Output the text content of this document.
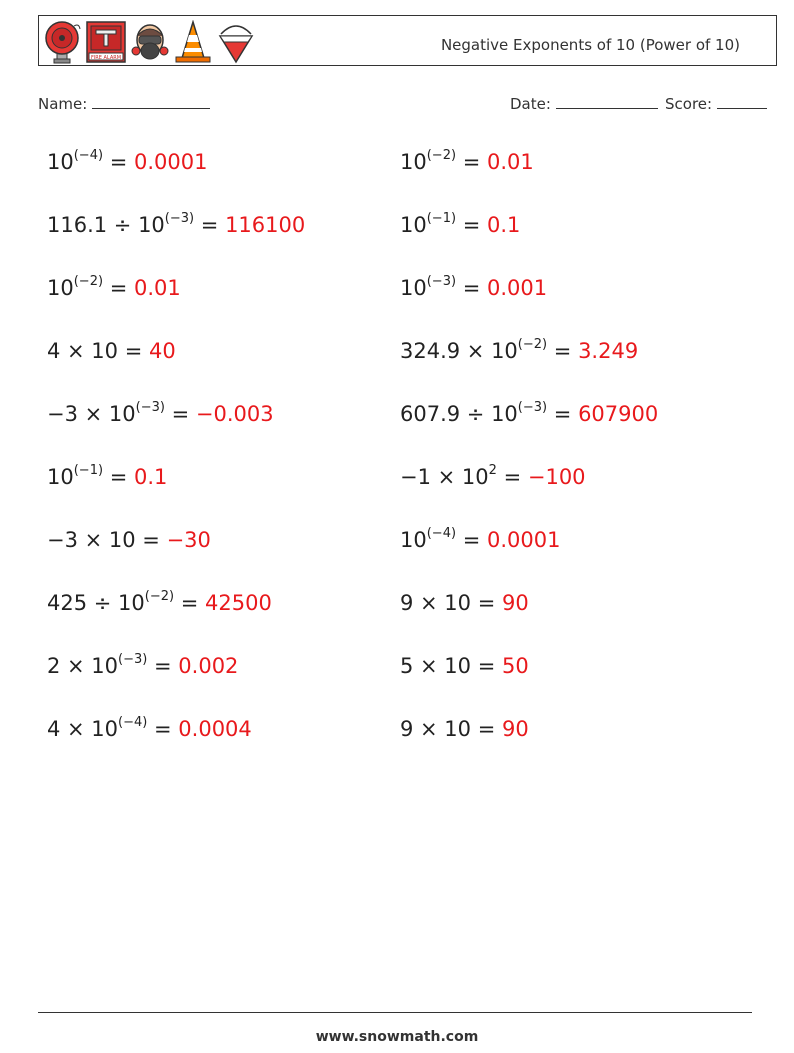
FIRE ALARM
Negative Exponents of 10 (Power of 10)
Name:	Date:	Score:
$10^{(-4)} = 0.0001$	$10^{(-2)} = 0.01$
$116.1 \div 10^{(-3)} = 116100$	$10^{(-1)} = 0.1$
$10^{(-2)} = 0.01$	$10^{(-3)} = 0.001$
4 × 10 = 40	$324.9 \times 10^{(-2)} = 3.249$
$-3 \times 10^{(-3)} = -0.003$	$607.9 \div 10^{(-3)} = 607900$
$10^{(-1)} = 0.1$	$-1 \times 10^2 = -100$
−3 × 10 = −30	$10^{(-4)} = 0.0001$
$425 \div 10^{(-2)} = 42500$	9 × 10 = 90
$2 \times 10^{(-3)} = 0.002$	5 × 10 = 50
$4 \times 10^{(-4)} = 0.0004$	9 × 10 = 90
www.snowmath.com
